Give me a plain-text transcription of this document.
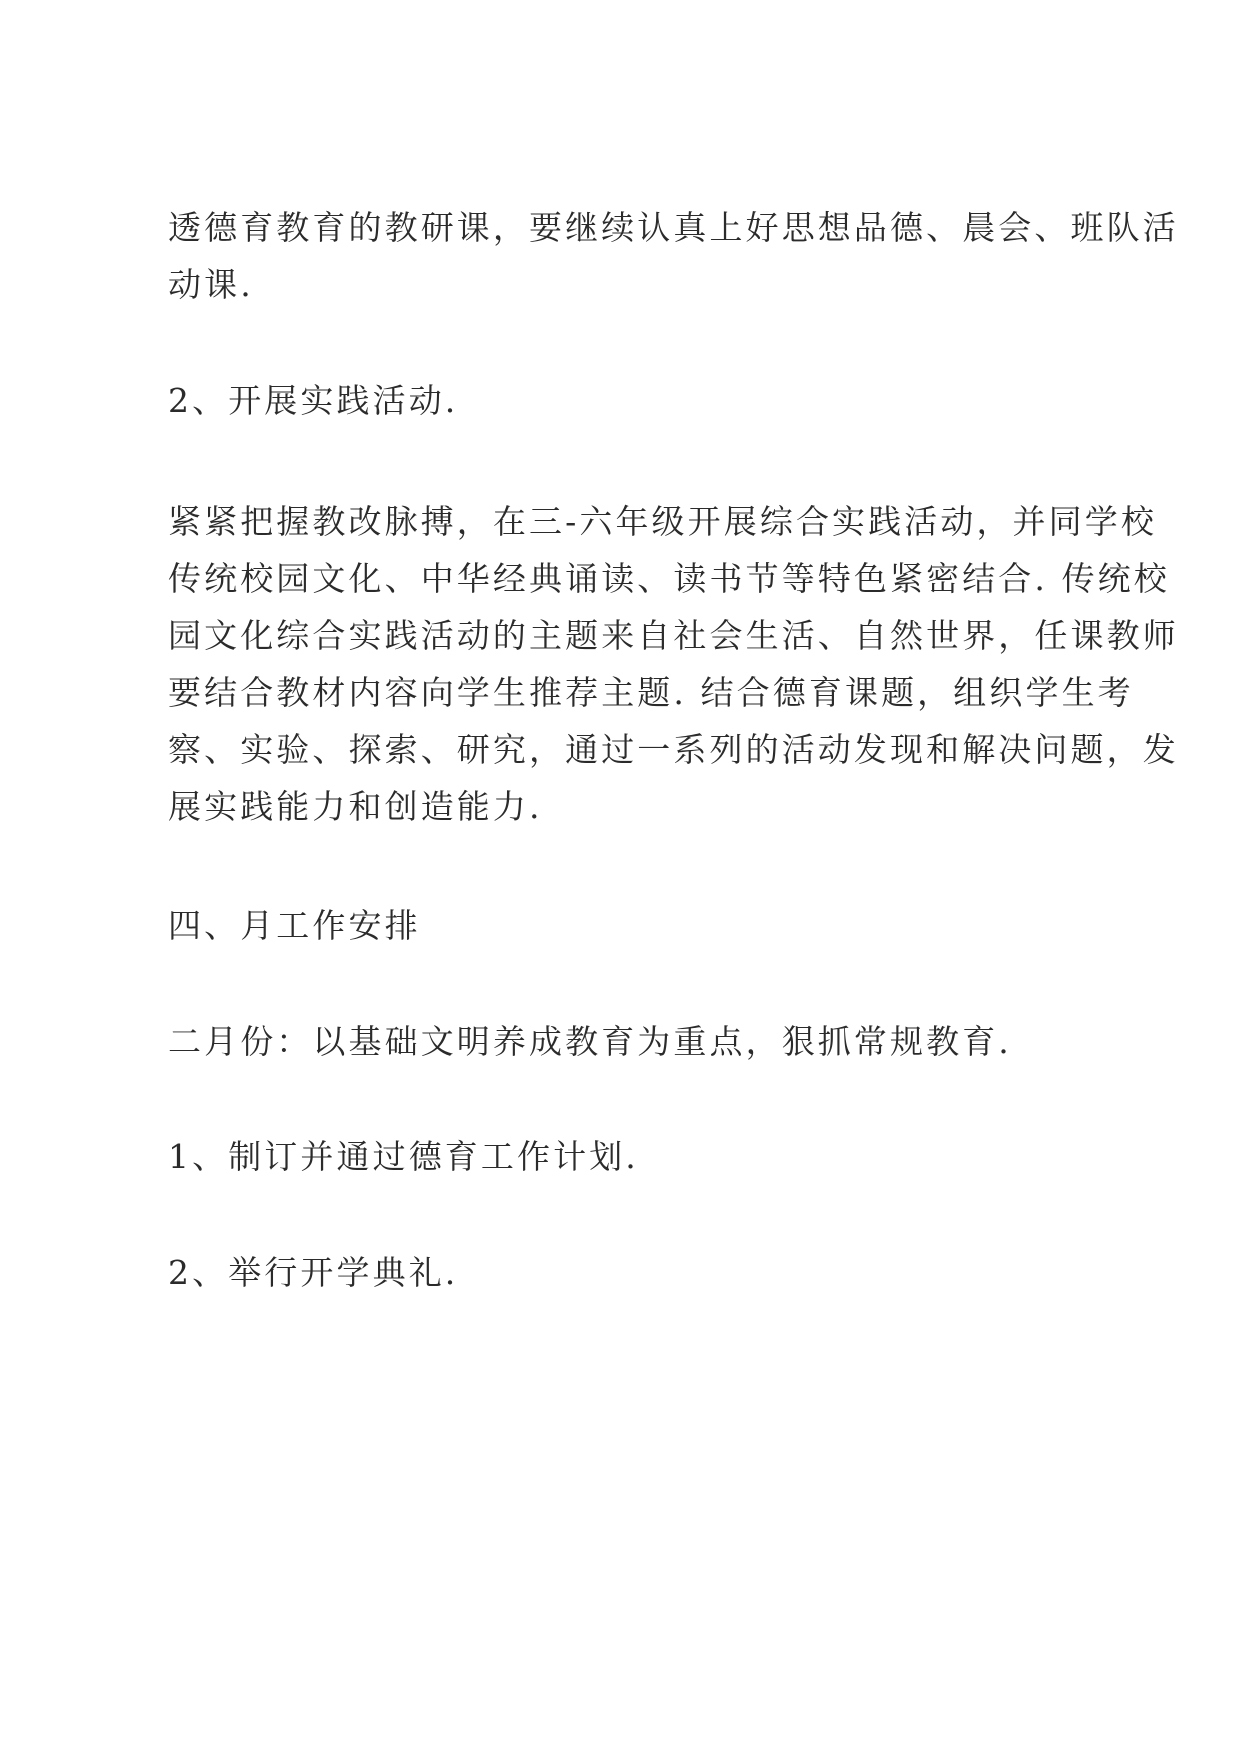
透德育教育的教研课，要继续认真上好思想品德、晨会、班队活
动课.
2、开展实践活动.
紧紧把握教改脉搏，在三-六年级开展综合实践活动，并同学校
传统校园文化、中华经典诵读、读书节等特色紧密结合. 传统校
园文化综合实践活动的主题来自社会生活、自然世界，任课教师
要结合教材内容向学生推荐主题. 结合德育课题，组织学生考
察、实验、探索、研究，通过一系列的活动发现和解决问题，发
展实践能力和创造能力.
四、月工作安排
二月份：以基础文明养成教育为重点，狠抓常规教育.
1、制订并通过德育工作计划.
2、举行开学典礼.
